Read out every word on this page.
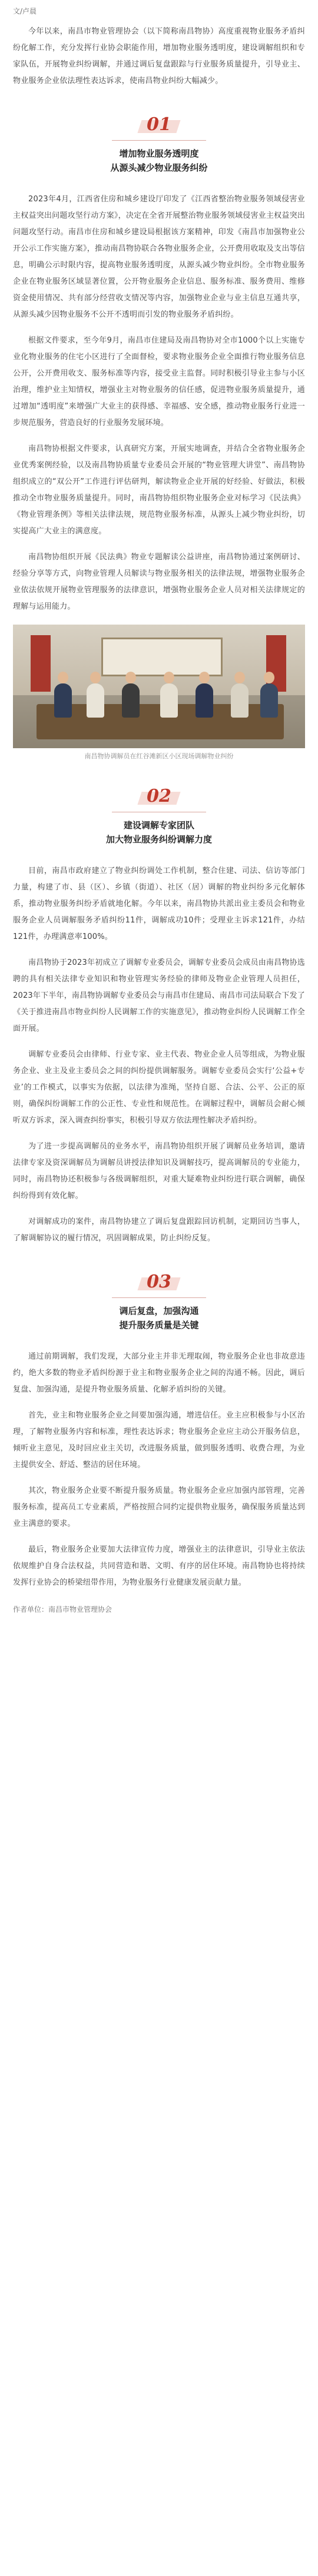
文/卢晨

今年以来，南昌市物业管理协会（以下简称南昌物协）高度重视物业服务矛盾纠纷化解工作，充分发挥行业协会职能作用，增加物业服务透明度，建设调解组织和专家队伍，开展物业纠纷调解，并通过调后复盘跟踪与行业服务质量提升，引导业主、物业服务企业依法理性表达诉求，使南昌物业纠纷大幅减少。

01
增加物业服务透明度
从源头减少物业服务纠纷

2023年4月，江西省住房和城乡建设厅印发了《江西省整治物业服务领域侵害业主权益突出问题攻坚行动方案》，决定在全省开展整治物业服务领域侵害业主权益突出问题攻坚行动。南昌市住房和城乡建设局根据该方案精神，印发《南昌市加强物业公开公示工作实施方案》，推动南昌物协联合各物业服务企业，公开费用收取及支出等信息，明确公示时限内容，提高物业服务透明度，从源头减少物业纠纷。全市物业服务企业在物业服务区域显著位置，公开物业服务企业信息、服务标准、服务费用、维修资金使用情况、共有部分经营收支情况等内容，加强物业企业与业主信息互通共享，从源头减少因物业服务不公开不透明而引发的物业服务矛盾纠纷。

根据文件要求，至今年9月，南昌市住建局及南昌物协对全市1000个以上实施专业化物业服务的住宅小区进行了全面督检，要求物业服务企业全面推行物业服务信息公开，公开费用收支、服务标准等内容，接受业主监督。同时积极引导业主参与小区治理，维护业主知情权，增强业主对物业服务的信任感，促进物业服务质量提升，通过增加“透明度”来增强广大业主的获得感、幸福感、安全感，推动物业服务行业进一步规范服务，营造良好的行业服务发展环境。

南昌物协根据文件要求，认真研究方案，开展实地调查，并结合全省物业服务企业优秀案例经验，以及南昌物协质量专业委员会开展的“物业管理大讲堂”、南昌物协组织成立的“双公开”工作进行评估研判，解读物业企业开展的好经验、好做法，积极推动全市物业服务质量提升。同时，南昌物协组织物业服务企业对标学习《民法典》《物业管理条例》等相关法律法规，规范物业服务标准，从源头上减少物业纠纷，切实提高广大业主的满意度。

南昌物协组织开展《民法典》物业专题解读公益讲座，南昌物协通过案例研讨、经验分享等方式，向物业管理人员解读与物业服务相关的法律法规，增强物业服务企业依法依规开展物业管理服务的法律意识，增强物业服务企业人员对相关法律规定的理解与运用能力。

南昌物协调解员在红谷滩新区小区现场调解物业纠纷
02
建设调解专家团队
加大物业服务纠纷调解力度

目前，南昌市政府建立了物业纠纷调处工作机制，整合住建、司法、信访等部门力量，构建了市、县（区）、乡镇（街道）、社区（居）调解的物业纠纷多元化解体系，推动物业服务纠纷矛盾就地化解。今年以来，南昌物协共派出业主委员会和物业服务企业人员调解服务矛盾纠纷11件，调解成功10件；受理业主诉求121件，办结121件，办理满意率100%。

南昌物协于2023年初成立了调解专业委员会，调解专业委员会成员由南昌物协选聘的具有相关法律专业知识和物业管理实务经验的律师及物业企业管理人员担任，2023年下半年，南昌物协调解专业委员会与南昌市住建局、南昌市司法局联合下发了《关于推进南昌市物业纠纷人民调解工作的实施意见》，推动物业纠纷人民调解工作全面开展。

调解专业委员会由律师、行业专家、业主代表、物业企业人员等组成，为物业服务企业、业主及业主委员会之间的纠纷提供调解服务。调解专业委员会实行‘公益+专业’的工作模式，以事实为依据，以法律为准绳，坚持自愿、合法、公平、公正的原则，确保纠纷调解工作的公正性、专业性和规范性。在调解过程中，调解员会耐心倾听双方诉求，深入调查纠纷事实，积极引导双方依法理性解决矛盾纠纷。

为了进一步提高调解员的业务水平，南昌物协组织开展了调解员业务培训，邀请法律专家及资深调解员为调解员讲授法律知识及调解技巧，提高调解员的专业能力，同时，南昌物协还积极参与各级调解组织，对重大疑难物业纠纷进行联合调解，确保纠纷得到有效化解。

对调解成功的案件，南昌物协建立了调后复盘跟踪回访机制，定期回访当事人，了解调解协议的履行情况，巩固调解成果，防止纠纷反复。

03
调后复盘，加强沟通
提升服务质量是关键

通过前期调解，我们发现，大部分业主并非无理取闹，物业服务企业也非故意违约，绝大多数的物业矛盾纠纷源于业主和物业服务企业之间的沟通不畅。因此，调后复盘、加强沟通，是提升物业服务质量、化解矛盾纠纷的关键。

首先，业主和物业服务企业之间要加强沟通，增进信任。业主应积极参与小区治理，了解物业服务内容和标准，理性表达诉求；物业服务企业应主动公开服务信息，倾听业主意见，及时回应业主关切，改进服务质量，做到服务透明、收费合理，为业主提供安全、舒适、整洁的居住环境。

其次，物业服务企业要不断提升服务质量。物业服务企业应加强内部管理，完善服务标准，提高员工专业素质，严格按照合同约定提供物业服务，确保服务质量达到业主满意的要求。

最后，物业服务企业要加大法律宣传力度，增强业主的法律意识，引导业主依法依规维护自身合法权益，共同营造和谐、文明、有序的居住环境。南昌物协也将持续发挥行业协会的桥梁纽带作用，为物业服务行业健康发展贡献力量。

作者单位：南昌市物业管理协会
